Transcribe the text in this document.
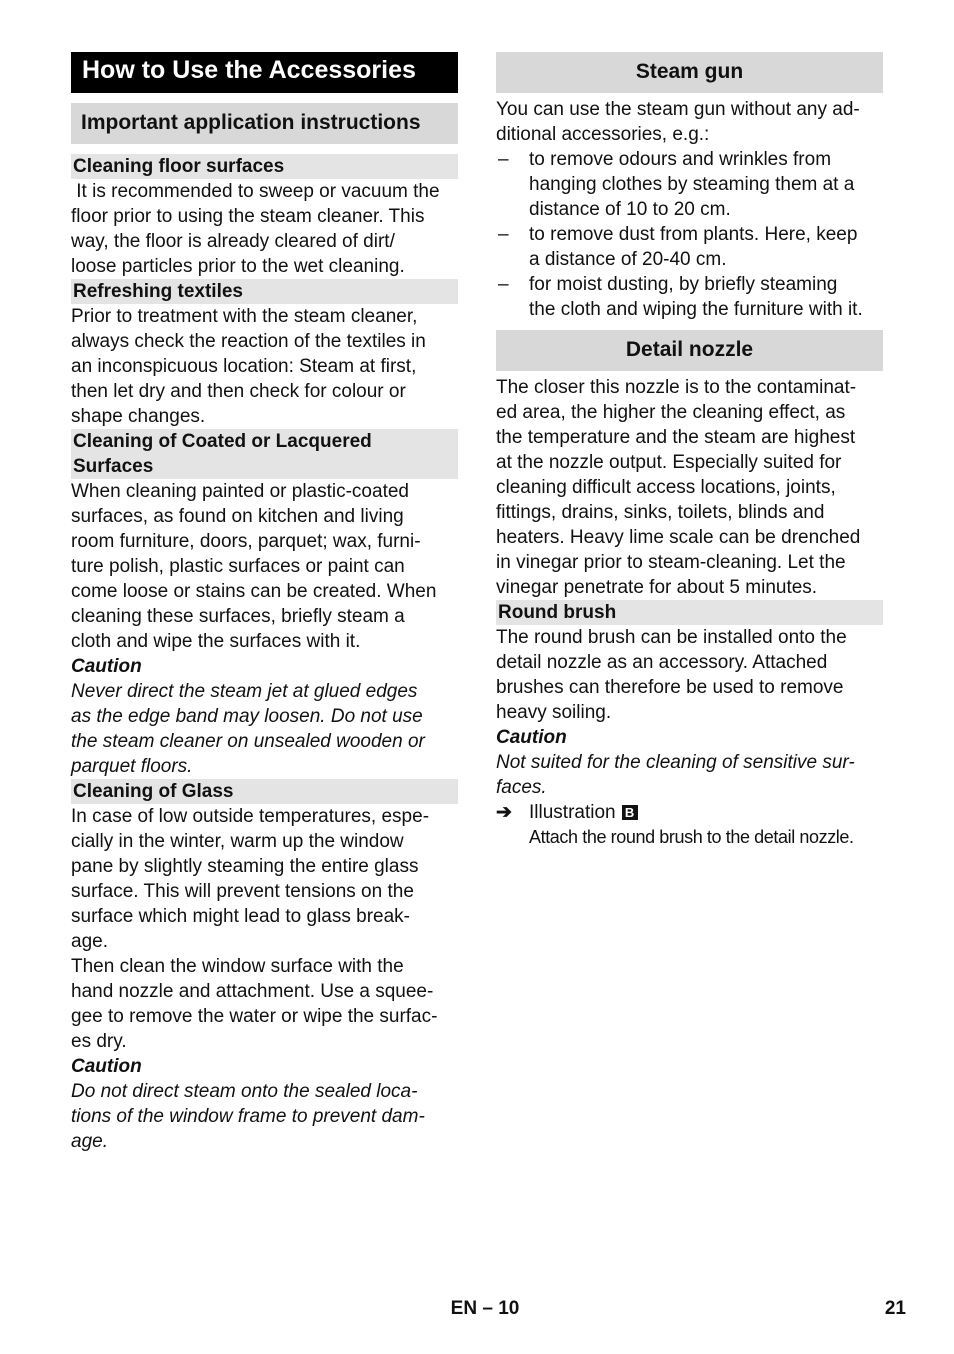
How to Use the Accessories
Important application instructions
Cleaning floor surfaces
It is recommended to sweep or vacuum the
floor prior to using the steam cleaner. This
way, the floor is already cleared of dirt/
loose particles prior to the wet cleaning.
Refreshing textiles
Prior to treatment with the steam cleaner,
always check the reaction of the textiles in
an inconspicuous location: Steam at first,
then let dry and then check for colour or
shape changes.
Cleaning of Coated or Lacquered
Surfaces
When cleaning painted or plastic-coated
surfaces, as found on kitchen and living
room furniture, doors, parquet; wax, furni-
ture polish, plastic surfaces or paint can
come loose or stains can be created. When
cleaning these surfaces, briefly steam a
cloth and wipe the surfaces with it.
Caution
Never direct the steam jet at glued edges
as the edge band may loosen. Do not use
the steam cleaner on unsealed wooden or
parquet floors.
Cleaning of Glass
In case of low outside temperatures, espe-
cially in the winter, warm up the window
pane by slightly steaming the entire glass
surface. This will prevent tensions on the
surface which might lead to glass break-
age.
Then clean the window surface with the
hand nozzle and attachment. Use a squee-
gee to remove the water or wipe the surfac-
es dry.
Caution
Do not direct steam onto the sealed loca-
tions of the window frame to prevent dam-
age.
Steam gun
You can use the steam gun without any ad-
ditional accessories, e.g.:
– to remove odours and wrinkles from
hanging clothes by steaming them at a
distance of 10 to 20 cm.
– to remove dust from plants. Here, keep
a distance of 20-40 cm.
– for moist dusting, by briefly steaming
the cloth and wiping the furniture with it.
Detail nozzle
The closer this nozzle is to the contaminat-
ed area, the higher the cleaning effect, as
the temperature and the steam are highest
at the nozzle output. Especially suited for
cleaning difficult access locations, joints,
fittings, drains, sinks, toilets, blinds and
heaters. Heavy lime scale can be drenched
in vinegar prior to steam-cleaning. Let the
vinegar penetrate for about 5 minutes.
Round brush
The round brush can be installed onto the
detail nozzle as an accessory. Attached
brushes can therefore be used to remove
heavy soiling.
Caution
Not suited for the cleaning of sensitive sur-
faces.
➔ Illustration B
Attach the round brush to the detail nozzle.
EN – 10	21
